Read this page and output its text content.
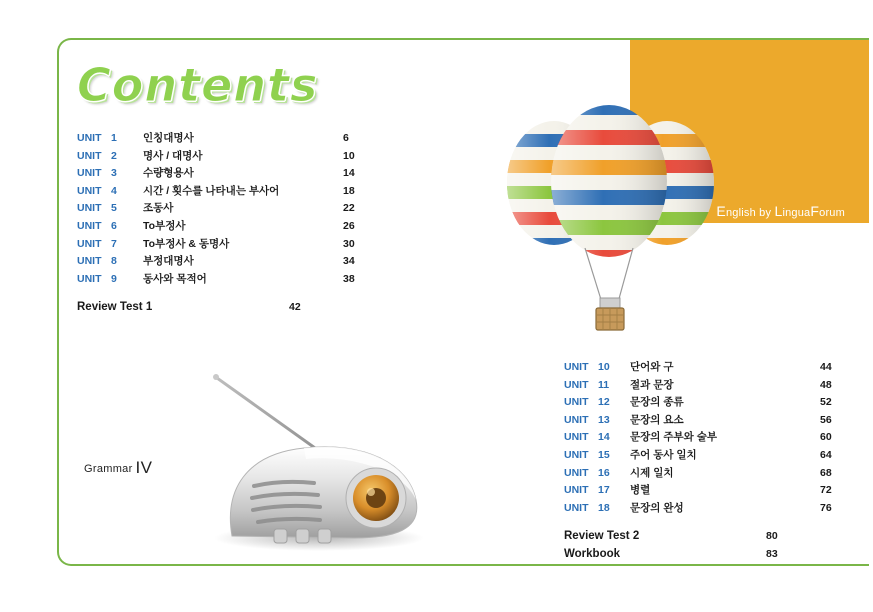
English by LinguaForum
Contents
UNIT 1	인칭대명사	6
UNIT 2	명사 / 대명사	10
UNIT 3	수량형용사	14
UNIT 4	시간 / 횟수를 나타내는 부사어	18
UNIT 5	조동사	22
UNIT 6	To부정사	26
UNIT 7	To부정사 & 동명사	30
UNIT 8	부정대명사	34
UNIT 9	동사와 목적어	38
Review Test 1	42
Grammar IV
UNIT 10	단어와 구	44
UNIT 11	절과 문장	48
UNIT 12	문장의 종류	52
UNIT 13	문장의 요소	56
UNIT 14	문장의 주부와 술부	60
UNIT 15	주어 동사 일치	64
UNIT 16	시제 일치	68
UNIT 17	병렬	72
UNIT 18	문장의 완성	76
Review Test 2	80
Workbook	83
